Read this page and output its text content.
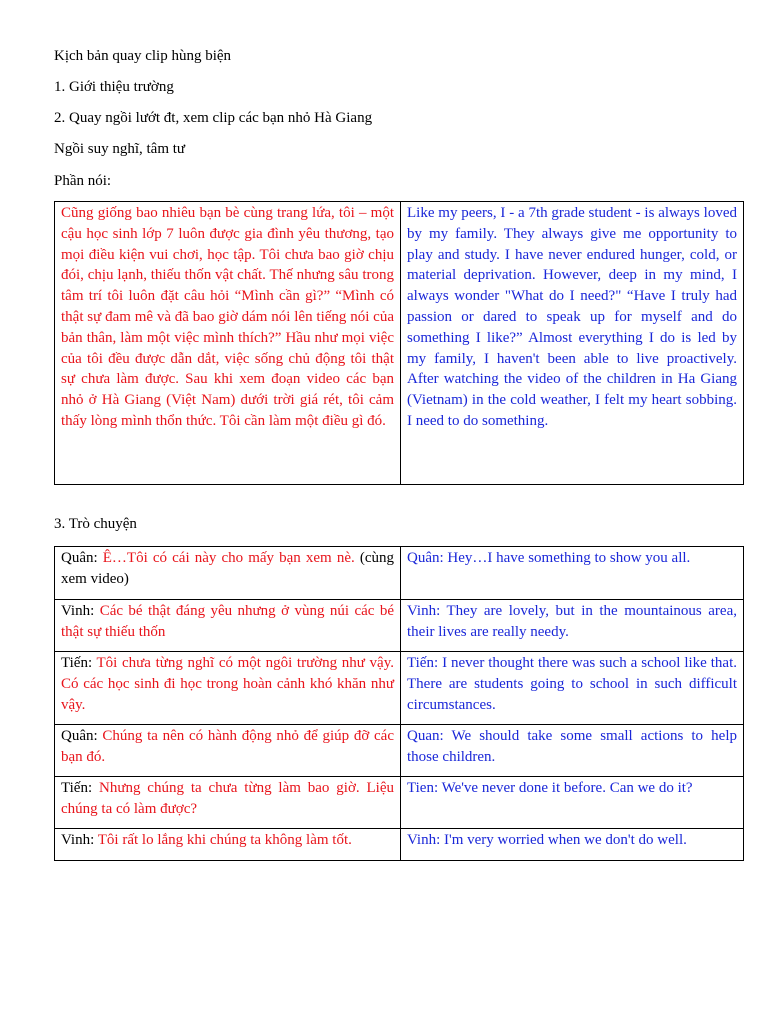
Kịch bản quay clip hùng biện
1. Giới thiệu trường
2. Quay ngồi lướt đt, xem clip các bạn nhỏ Hà Giang
Ngồi suy nghĩ, tâm tư
Phần nói:
Cũng giống bao nhiêu bạn bè cùng trang lứa, tôi – một cậu học sinh lớp 7 luôn được gia đình yêu thương, tạo mọi điều kiện vui chơi, học tập. Tôi chưa bao giờ chịu đói, chịu lạnh, thiếu thốn vật chất. Thế nhưng sâu trong tâm trí tôi luôn đặt câu hỏi “Mình cần gì?” “Mình có thật sự đam mê và đã bao giờ dám nói lên tiếng nói của bản thân, làm một việc mình thích?” Hầu như mọi việc của tôi đều được dẫn dắt, việc sống chủ động tôi thật sự chưa làm được. Sau khi xem đoạn video các bạn nhỏ ở Hà Giang (Việt Nam) dưới trời giá rét, tôi cảm thấy lòng mình thổn thức. Tôi cần làm một điều gì đó.	Like my peers, I - a 7th grade student - is always loved by my family. They always give me opportunity to play and study. I have never endured hunger, cold, or material deprivation. However, deep in my mind, I always wonder "What do I need?" “Have I truly had passion or dared to speak up for myself and do something I like?” Almost everything I do is led by my family, I haven't been able to live proactively. After watching the video of the children in Ha Giang (Vietnam) in the cold weather, I felt my heart sobbing. I need to do something.
3. Trò chuyện
Quân: Ê…Tôi có cái này cho mấy bạn xem nè. (cùng xem video)	Quân: Hey…I have something to show you all.
Vinh: Các bé thật đáng yêu nhưng ở vùng núi các bé thật sự thiếu thốn	Vinh: They are lovely, but in the mountainous area, their lives are really needy.
Tiến: Tôi chưa từng nghĩ có một ngôi trường như vậy. Có các học sinh đi học trong hoàn cảnh khó khăn như vậy.	Tiến: I never thought there was such a school like that. There are students going to school in such difficult circumstances.
Quân: Chúng ta nên có hành động nhỏ để giúp đỡ các bạn đó.	Quan: We should take some small actions to help those children.
Tiến: Nhưng chúng ta chưa từng làm bao giờ. Liệu chúng ta có làm được?	Tien: We've never done it before. Can we do it?
Vinh: Tôi rất lo lắng khi chúng ta không làm tốt.	Vinh: I'm very worried when we don't do well.
